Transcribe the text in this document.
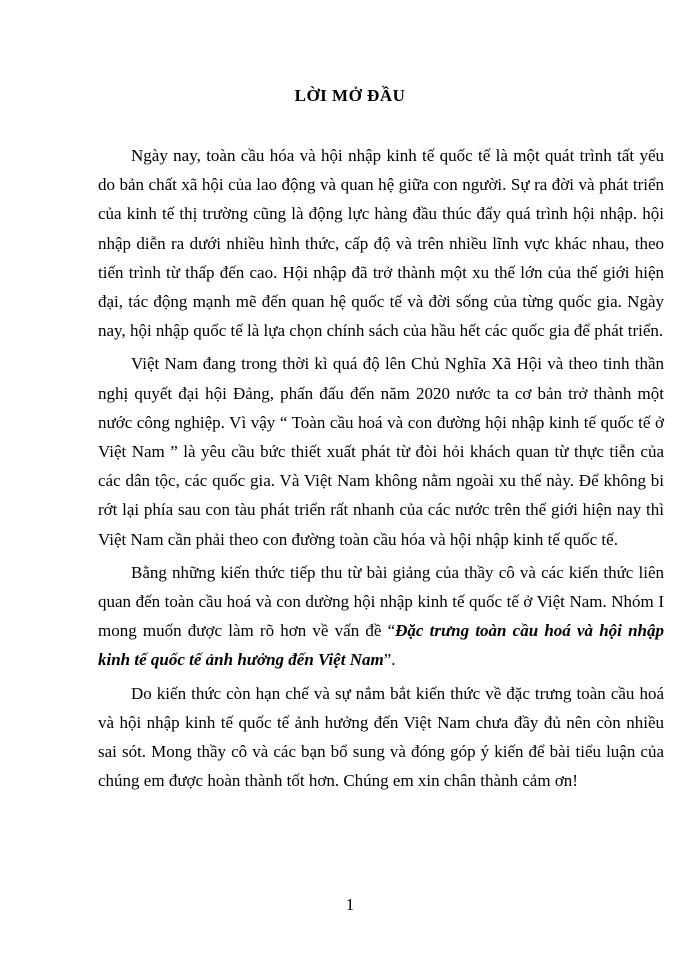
LỜI MỞ ĐẦU

Ngày nay, toàn cầu hóa và hội nhập kinh tế quốc tế là một quát trình tất yếu do bản chất xã hội của lao động và quan hệ giữa con người. Sự ra đời và phát triển của kinh tế thị trường cũng là động lực hàng đầu thúc đẩy quá trình hội nhập. hội nhập diễn ra dưới nhiều hình thức, cấp độ và trên nhiều lĩnh vực khác nhau, theo tiến trình từ thấp đến cao. Hội nhập đã trở thành một xu thế lớn của thế giới hiện đại, tác động mạnh mẽ đến quan hệ quốc tế và đời sống của từng quốc gia. Ngày nay, hội nhập quốc tế là lựa chọn chính sách của hầu hết các quốc gia để phát triển.

Việt Nam đang trong thời kì quá độ lên Chủ Nghĩa Xã Hội và theo tinh thần nghị quyết đại hội Đảng, phấn đấu đến năm 2020 nước ta cơ bản trở thành một nước công nghiệp. Vì vậy “ Toàn cầu hoá và con đường hội nhập kinh tế quốc tế ở Việt Nam ” là yêu cầu bức thiết xuất phát từ đòi hỏi khách quan từ thực tiễn của các dân tộc, các quốc gia. Và Việt Nam không nằm ngoài xu thế này. Để không bi rớt lại phía sau con tàu phát triển rất nhanh của các nước trên thế giới hiện nay thì Việt Nam cần phải theo con đường toàn cầu hóa và hội nhập kinh tế quốc tế.

Bằng những kiến thức tiếp thu từ bài giảng của thầy cô và các kiến thức liên quan đến toàn cầu hoá và con dường hội nhập kinh tế quốc tế ở Việt Nam. Nhóm I mong muốn được làm rõ hơn về vấn đề “Đặc trưng toàn cầu hoá và hội nhập kinh tế quốc tế ảnh hưởng đến Việt Nam”.

Do kiến thức còn hạn chế và sự nắm bắt kiến thức về đặc trưng toàn cầu hoá và hội nhập kinh tế quốc tế ảnh hưởng đến Việt Nam chưa đầy đủ nên còn nhiều sai sót. Mong thầy cô và các bạn bổ sung và đóng góp ý kiến để bài tiểu luận của chúng em được hoàn thành tốt hơn. Chúng em xin chân thành cảm ơn!

1
